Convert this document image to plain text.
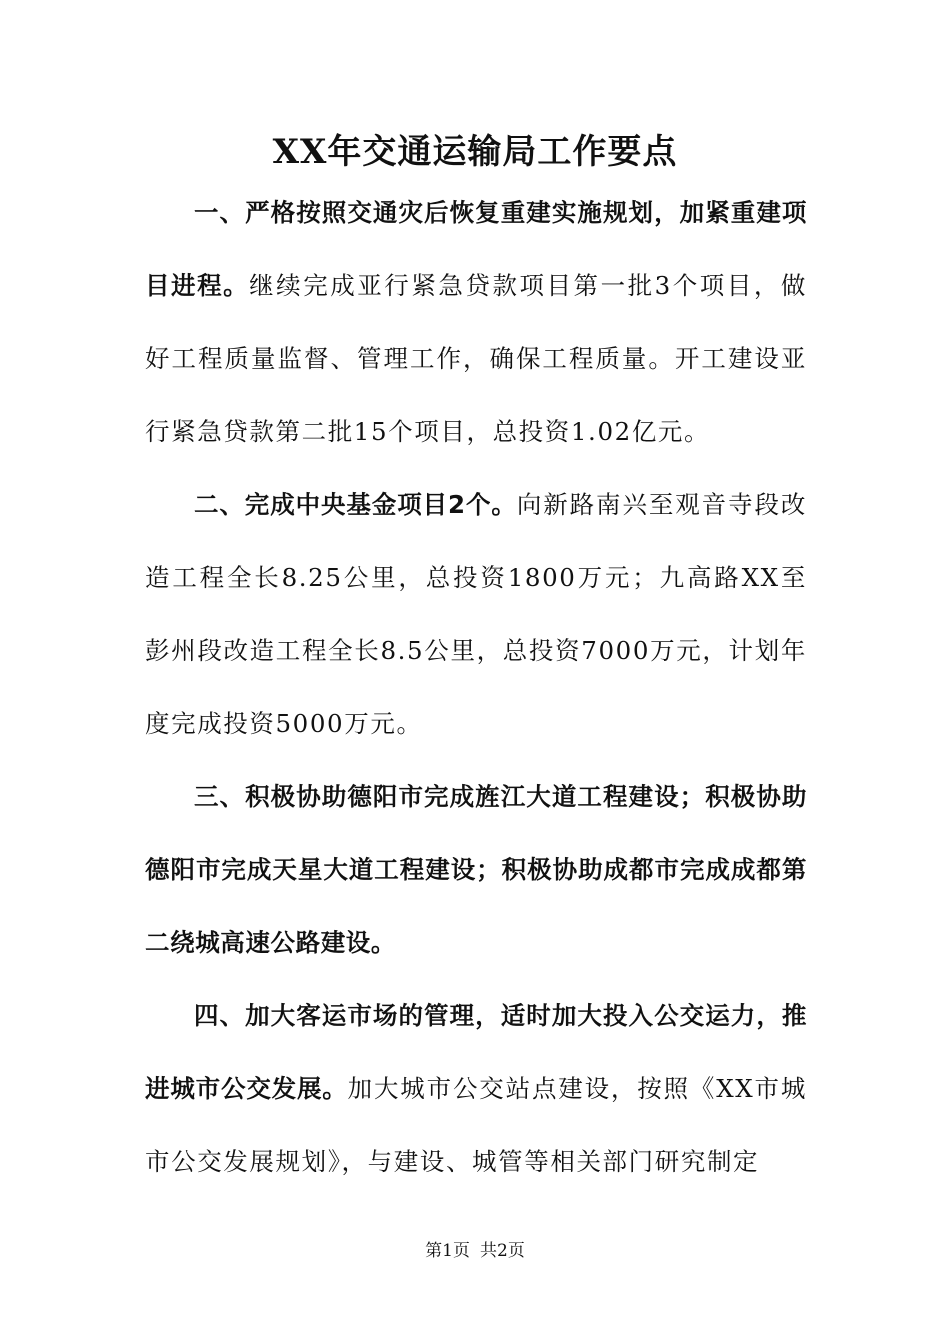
XX年交通运输局工作要点

一、严格按照交通灾后恢复重建实施规划，加紧重建项目进程。继续完成亚行紧急贷款项目第一批3个项目，做好工程质量监督、管理工作，确保工程质量。开工建设亚行紧急贷款第二批15个项目，总投资1.02亿元。

二、完成中央基金项目2个。向新路南兴至观音寺段改造工程全长8.25公里，总投资1800万元；九高路XX至彭州段改造工程全长8.5公里，总投资7000万元，计划年度完成投资5000万元。

三、积极协助德阳市完成旌江大道工程建设；积极协助德阳市完成天星大道工程建设；积极协助成都市完成成都第二绕城高速公路建设。

四、加大客运市场的管理，适时加大投入公交运力，推进城市公交发展。加大城市公交站点建设，按照《XX市城市公交发展规划》，与建设、城管等相关部门研究制定

第1页 共2页
